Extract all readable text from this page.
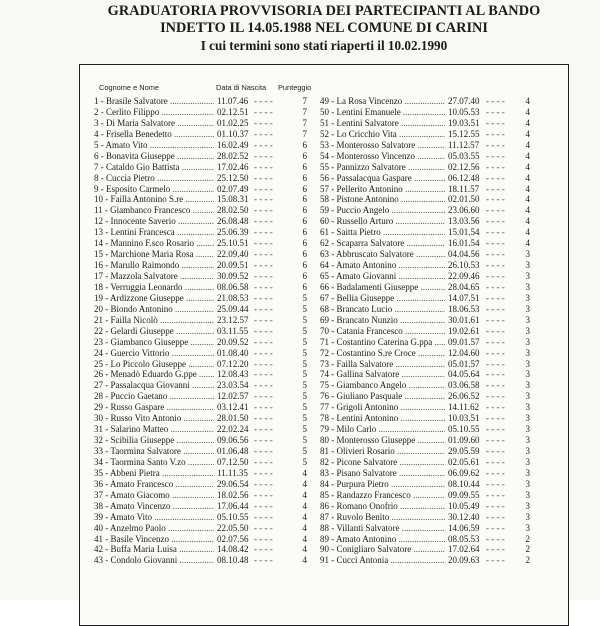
GRADUATORIA PROVVISORIA DEI PARTECIPANTI AL BANDO
INDETTO IL 14.05.1988 NEL COMUNE DI CARINI
I cui termini sono stati riaperti il 10.02.1990
Cognome e Nome	Data di Nascita Punteggio
1 - Brasile Salvatore .....	11.07.46 - - - -	7
2 - Cerlito Filippo .....	02.12.51 - - - -	7
3 - Di Maria Salvatore .....	01.02.25 - - - -	7
4 - Frisella Benedetto .....	01.10.37 - - - -	7
5 - Amato Vito .....	16.02.49 - - - -	6
6 - Bonavita Giuseppe .....	28.02.52 - - - -	6
7 - Cataldo Gio Battista .....	17.02.46 - - - -	6
8 - Cuccia Pietro .....	25.12.50 - - - -	6
9 - Esposito Carmelo .....	02.07.49 - - - -	6
10 - Failla Antonino S.re .....	15.08.31 - - - -	6
11 - Giambanco Francesco .....	28.02.50 - - - -	6
12 - Innocente Saverio .....	26.08.48 - - - -	6
13 - Lentini Francesca .....	25.06.39 - - - -	6
14 - Mannino F.sco Rosario .....	25.10.51 - - - -	6
15 - Marchione Maria Rosa .....	22.09.40 - - - -	6
16 - Marullo Raimondo .....	20.09.51 - - - -	6
17 - Mazzola Salvatore .....	30.09.52 - - - -	6
18 - Verruggia Leonardo .....	08.06.58 - - - -	6
19 - Ardizzone Giuseppe .....	21.08.53 - - - -	5
20 - Biondo Antonino .....	25.09.44 - - - -	5
21 - Failla Nicolò .....	23.12.57 - - - -	5
22 - Gelardi Giuseppe .....	03.11.55 - - - -	5
23 - Giambanco Giuseppe .....	20.09.52 - - - -	5
24 - Guercio Vittorio .....	01.08.40 - - - -	5
25 - Lo Piccolo Giuseppe .....	07.12.20 - - - -	5
26 - Menadò Eduardo G.ppe .....	12.08.43 - - - -	5
27 - Passalacqua Giovanni .....	23.03.54 - - - -	5
28 - Puccio Gaetano .....	12.02.57 - - - -	5
29 - Russo Gaspare .....	03.12.41 - - - -	5
30 - Russo Vito Antonio .....	28.01.50 - - - -	5
31 - Salarino Matteo .....	22.02.24 - - - -	5
32 - Scibilia Giuseppe .....	09.06.56 - - - -	5
33 - Taormina Salvatore .....	01.06.48 - - - -	5
34 - Taormina Santo V.zo .....	07.12.50 - - - -	5
35 - Abbenì Pietra .....	11.11.35 - - - -	4
36 - Amato Francesco .....	29.06.54 - - - -	4
37 - Amato Giacomo .....	18.02.56 - - - -	4
38 - Amato Vincenzo .....	17.06.44 - - - -	4
39 - Amato Vito .....	05.10.55 - - - -	4
40 - Anzelmo Paolo .....	22.05.50 - - - -	4
41 - Basile Vincenzo .....	02.07.56 - - - -	4
42 - Buffa Maria Luisa .....	14.08.42 - - - -	4
43 - Condolo Giovanni .....	08.10.48 - - - -	4
49 - La Rosa Vincenzo .....	27.07.40 - - - -	4
50 - Lentini Emanuele .....	10.05.53 - - - -	4
51 - Lentini Salvatore .....	19.03.51 - - - -	4
52 - Lo Cricchio Vita .....	15.12.55 - - - -	4
53 - Monterosso Salvatore .....	11.12.57 - - - -	4
54 - Monterosso Vincenzo .....	05.03.55 - - - -	4
55 - Pannizzo Salvatore .....	02.12.56 - - - -	4
56 - Passalacqua Gaspare .....	06.12.48 - - - -	4
57 - Pellerito Antonino .....	18.11.57 - - - -	4
58 - Pistone Antonino .....	02.01.50 - - - -	4
59 - Puccio Angelo .....	23.06.60 - - - -	4
60 - Russello Arturo .....	13.03.56 - - - -	4
61 - Saitta Pietro .....	15.01.54 - - - -	4
62 - Scaparra Salvatore .....	16.01.54 - - - -	4
63 - Abbruscato Salvatore .....	04.04.56 - - - -	3
64 - Amato Antonino .....	26.10.53 - - - -	3
65 - Amato Giovanni .....	22.09.46 - - - -	3
66 - Badalamenti Giuseppe .....	28.04.65 - - - -	3
67 - Bellia Giuseppe .....	14.07.51 - - - -	3
68 - Brancato Lucio .....	18.06.53 - - - -	3
69 - Brancato Nunzio .....	30.01.61 - - - -	3
70 - Catania Francesco .....	19.02.61 - - - -	3
71 - Costantino Caterina G.ppa .....	09.01.57 - - - -	3
72 - Costantino S.re Croce .....	12.04.60 - - - -	3
73 - Failla Salvatore .....	05.01.57 - - - -	3
74 - Gallina Salvatore .....	04.05.64 - - - -	3
75 - Giambanco Angelo .....	03.06.58 - - - -	3
76 - Giuliano Pasquale .....	26.06.52 - - - -	3
77 - Grigoli Antonino .....	14.11.62 - - - -	3
78 - Lentini Antonino .....	10.03.51 - - - -	3
79 - Milo Carlo .....	05.10.55 - - - -	3
80 - Monterosso Giuseppe .....	01.09.60 - - - -	3
81 - Olivieri Rosario .....	29.05.59 - - - -	3
82 - Picone Salvatore .....	02.05.61 - - - -	3
83 - Pisano Salvatore .....	06.09.62 - - - -	3
84 - Purpura Pietro .....	08.10.44 - - - -	3
85 - Randazzo Francesco .....	09.09.55 - - - -	3
86 - Romano Onofrio .....	10.05.49 - - - -	3
87 - Ruvolo Benito .....	30.12.40 - - - -	3
88 - Villanti Salvatore .....	14.06.59 - - - -	3
89 - Amato Antonino .....	08.05.53 - - - -	2
90 - Conigliaro Salvatore .....	17.02.64 - - - -	2
91 - Cucci Antonia .....	20.09.63 - - - -	2
